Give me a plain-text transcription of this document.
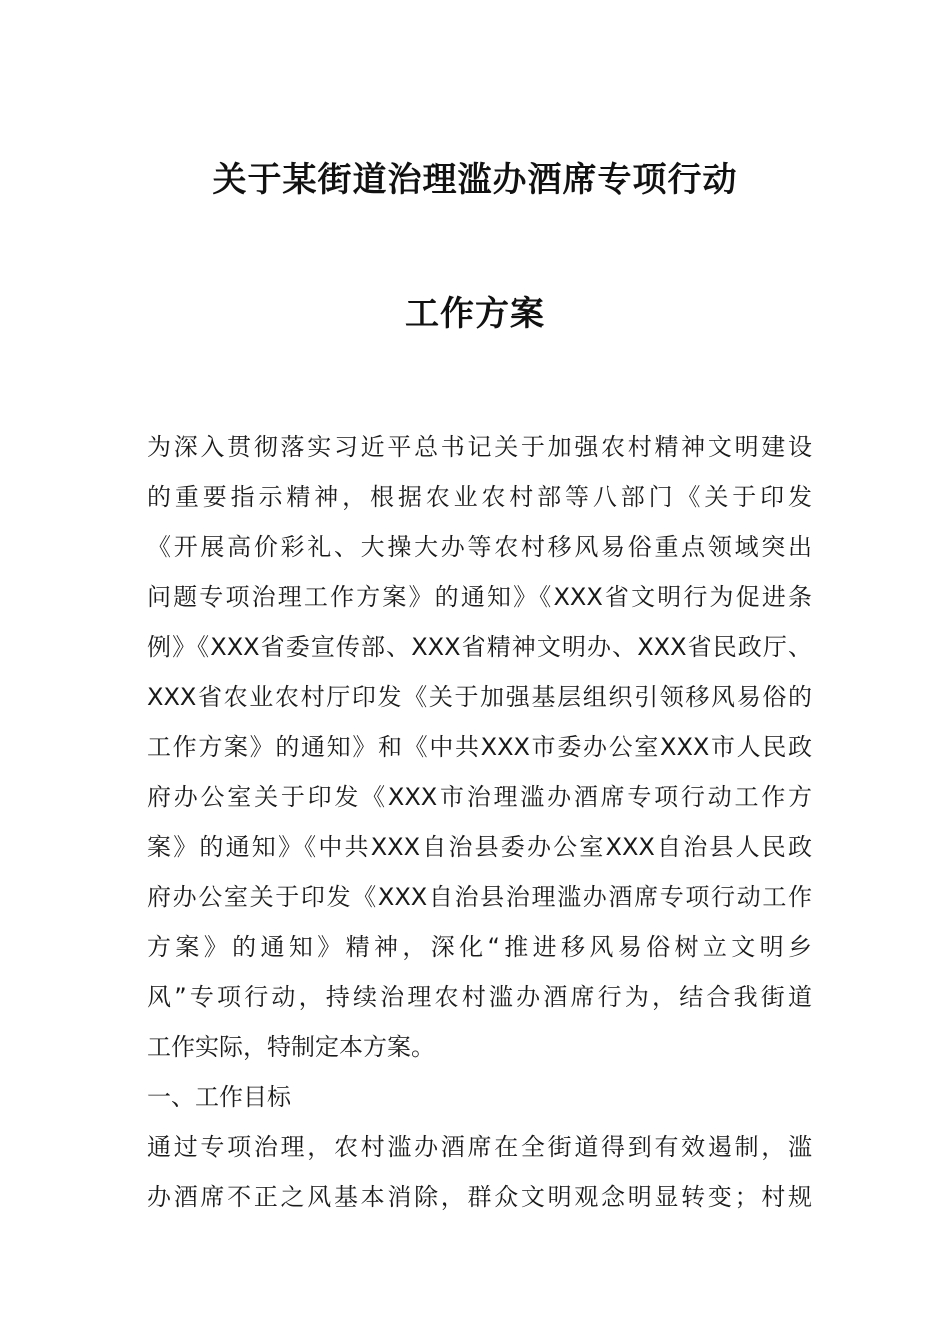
关于某街道治理滥办酒席专项行动
工作方案
为深入贯彻落实习近平总书记关于加强农村精神文明建设
的重要指示精神，根据农业农村部等八部门《关于印发
《开展高价彩礼、大操大办等农村移风易俗重点领域突出
问题专项治理工作方案》的通知》《XXX省文明行为促进条
例》《XXX省委宣传部、XXX省精神文明办、XXX省民政厅、
XXX省农业农村厅印发《关于加强基层组织引领移风易俗的
工作方案》的通知》和《中共XXX市委办公室XXX市人民政
府办公室关于印发《XXX市治理滥办酒席专项行动工作方
案》的通知》《中共XXX自治县委办公室XXX自治县人民政
府办公室关于印发《XXX自治县治理滥办酒席专项行动工作
方案》的通知》精神，深化“推进移风易俗树立文明乡
风”专项行动，持续治理农村滥办酒席行为，结合我街道
工作实际，特制定本方案。
一、工作目标
通过专项治理，农村滥办酒席在全街道得到有效遏制，滥
办酒席不正之风基本消除，群众文明观念明显转变；村规
